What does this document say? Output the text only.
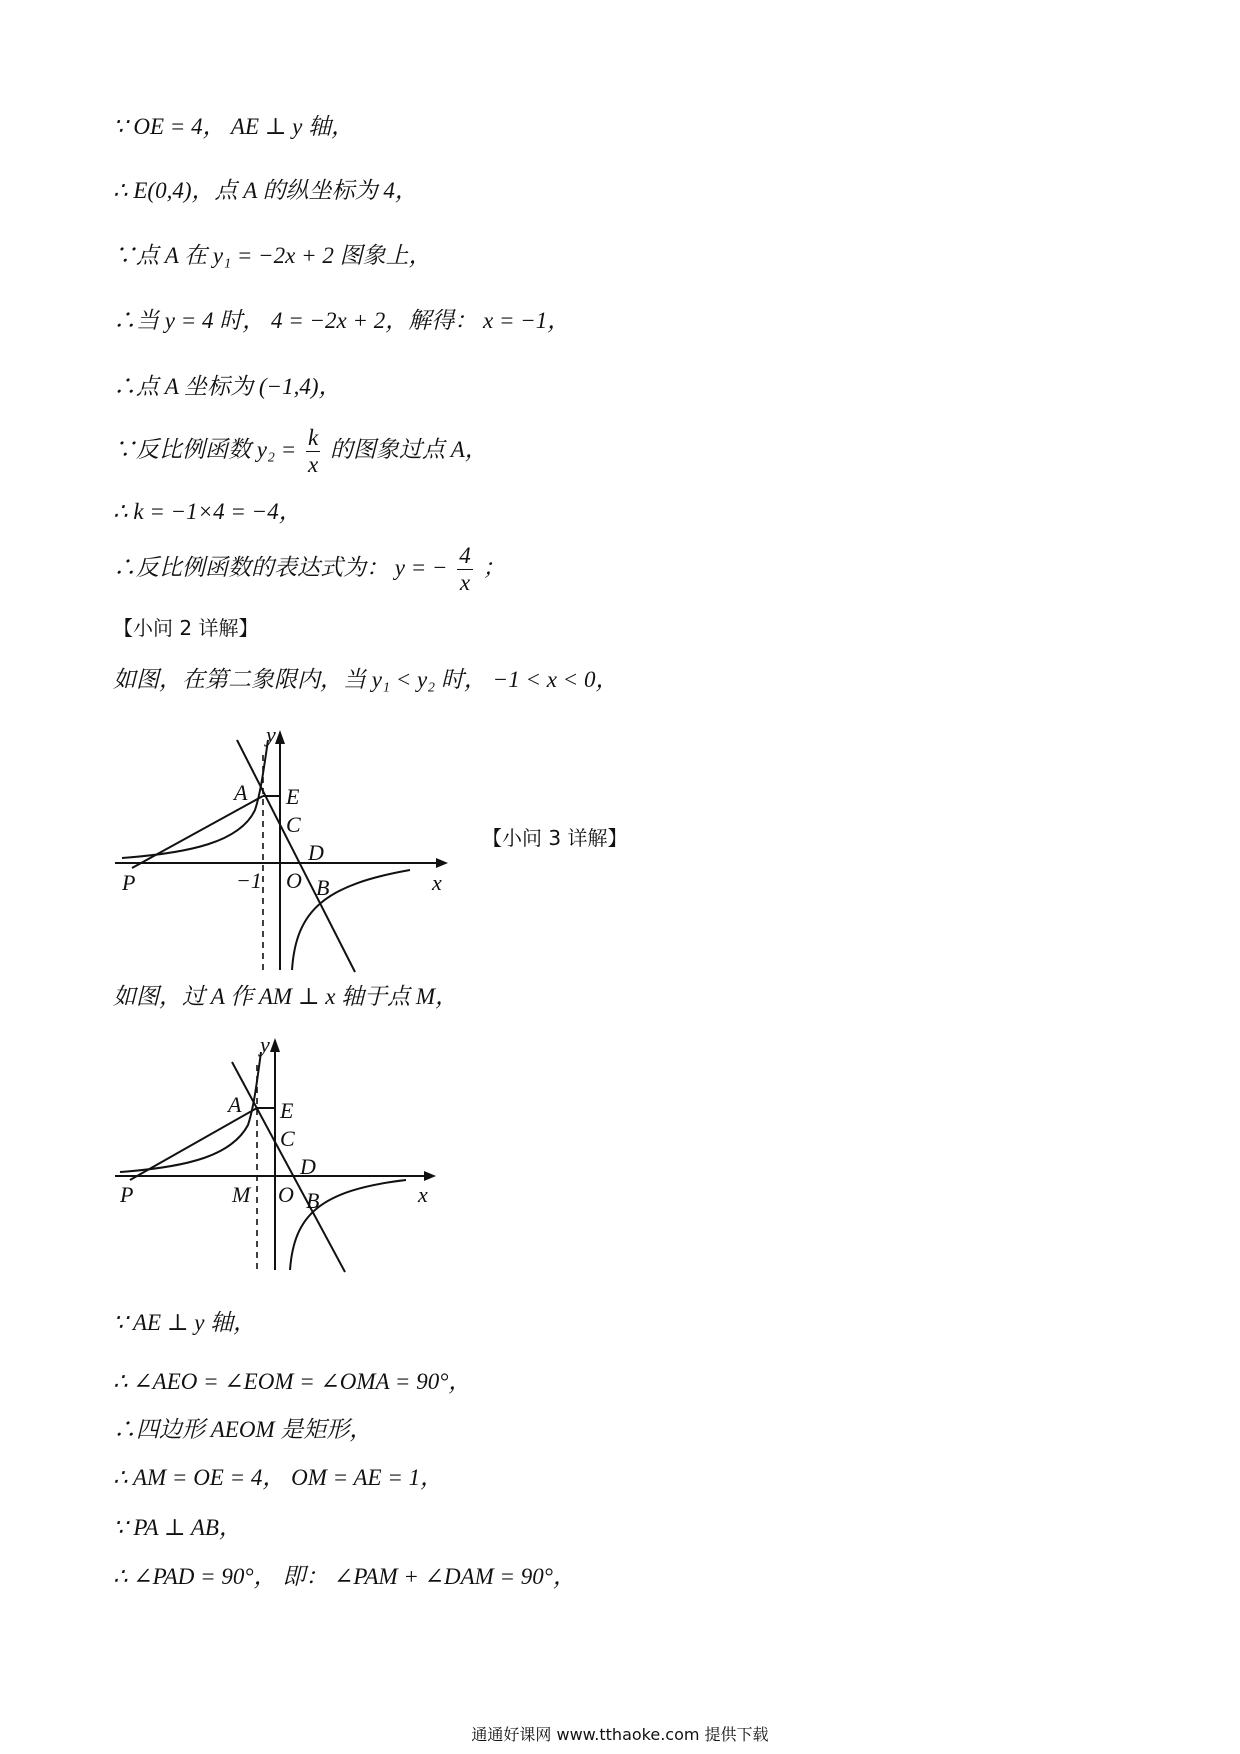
∵ OE = 4， AE ⊥ y 轴，
∴ E(0,4)，点 A 的纵坐标为 4，
∵点 A 在 y₁ = −2x + 2 图象上，
∴当 y = 4 时， 4 = −2x + 2，解得： x = −1，
∴点 A 坐标为 (−1,4)，
∵反比例函数 $y_2 = \frac{k}{x}$ 的图象过点 A，
∴ k = −1×4 = −4，
∴反比例函数的表达式为： y = − $\frac{4}{x}$ ；
【小问 2 详解】
如图，在第二象限内，当 y₁ < y₂ 时， −1 < x < 0，
y
A E
C
D
P	−1 O B	x
【小问 3 详解】
如图，过 A 作 AM ⊥ x 轴于点 M，
y
A E
C
D
P	M O B	x
∵ AE ⊥ y 轴，
∴ ∠AEO = ∠EOM = ∠OMA = 90°，
∴四边形 AEOM 是矩形，
∴ AM = OE = 4， OM = AE = 1，
∵ PA ⊥ AB，
∴ ∠PAD = 90°， 即： ∠PAM + ∠DAM = 90°，
通通好课网 www.tthaoke.com 提供下载
